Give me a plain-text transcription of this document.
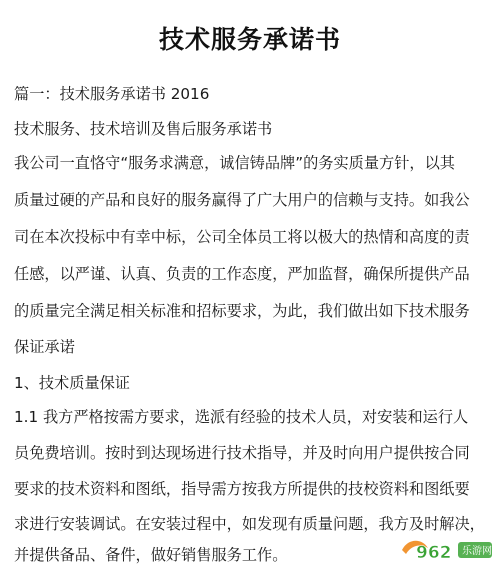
技术服务承诺书
篇一：技术服务承诺书 2016
技术服务、技术培训及售后服务承诺书
我公司一直恪守“服务求满意，诚信铸品牌”的务实质量方针，以其
质量过硬的产品和良好的服务赢得了广大用户的信赖与支持。如我公
司在本次投标中有幸中标，公司全体员工将以极大的热情和高度的责
任感，以严谨、认真、负责的工作态度，严加监督，确保所提供产品
的质量完全满足相关标准和招标要求，为此，我们做出如下技术服务
保证承诺
1、技术质量保证
1.1 我方严格按需方要求，选派有经验的技术人员，对安装和运行人
员免费培训。按时到达现场进行技术指导，并及时向用户提供按合同
要求的技术资料和图纸，指导需方按我方所提供的技校资料和图纸要
求进行安装调试。在安装过程中，如发现有质量问题，我方及时解决，
并提供备品、备件，做好销售服务工作。	962 乐游网
